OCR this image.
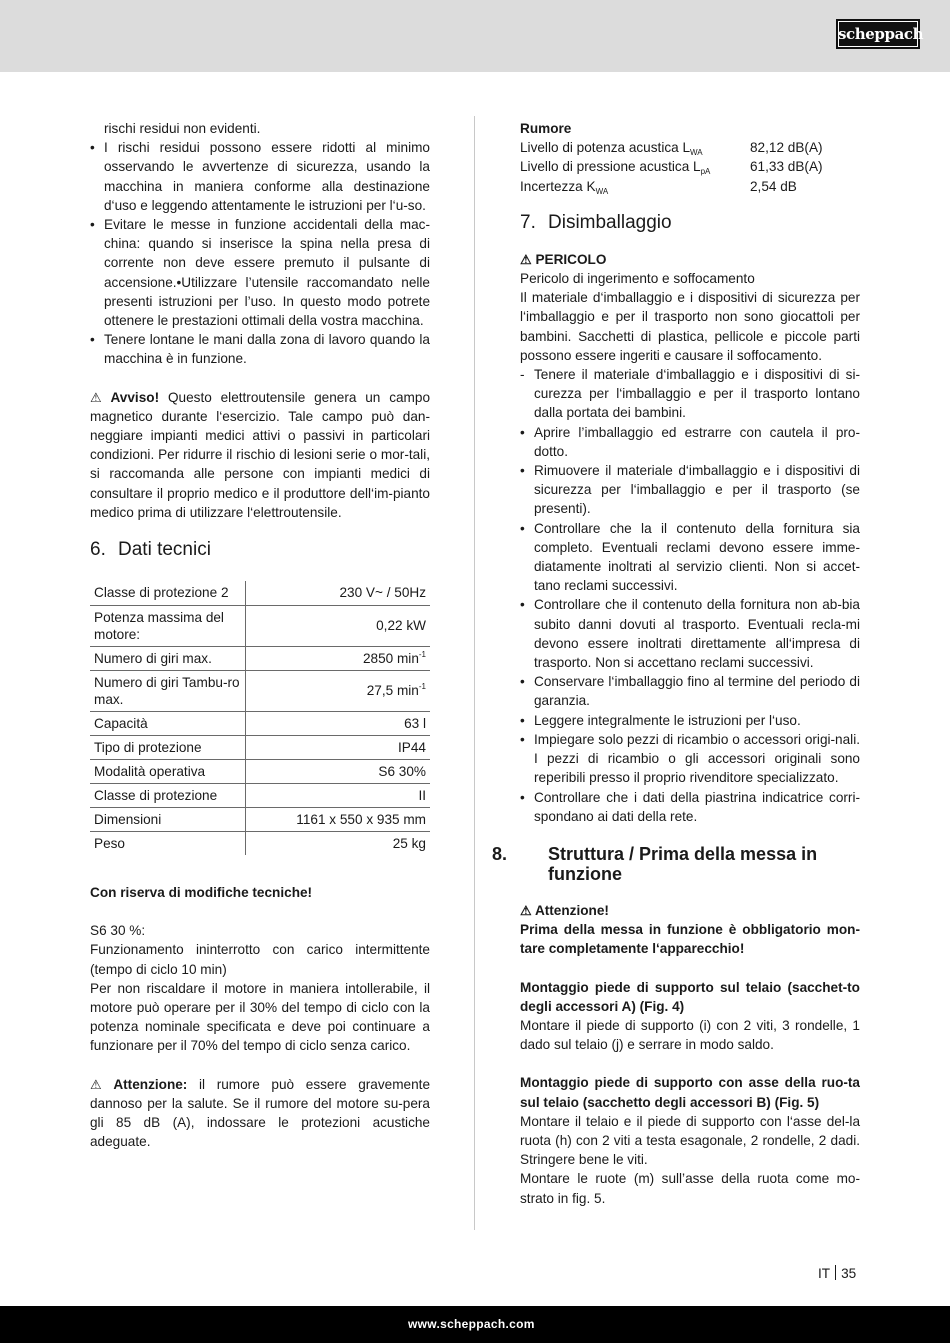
scheppach

rischi residui non evidenti.

• I rischi residui possono essere ridotti al minimo osservando le avvertenze di sicurezza, usando la macchina in maniera conforme alla destinazione d‘uso e leggendo attentamente le istruzioni per l‘u-so.
• Evitare le messe in funzione accidentali della mac-china: quando si inserisce la spina nella presa di corrente non deve essere premuto il pulsante di accensione.•Utilizzare l’utensile raccomandato nelle presenti istruzioni per l’uso. In questo modo potrete ottenere le prestazioni ottimali della vostra macchina.
• Tenere lontane le mani dalla zona di lavoro quando la macchina è in funzione.

⚠ Avviso! Questo elettroutensile genera un campo magnetico durante l‘esercizio. Tale campo può dan-neggiare impianti medici attivi o passivi in particolari condizioni. Per ridurre il rischio di lesioni serie o mor-tali, si raccomanda alle persone con impianti medici di consultare il proprio medico e il produttore dell‘im-pianto medico prima di utilizzare l‘elettroutensile.

6. Dati tecnici
Classe di protezione 2	230 V~ / 50Hz
Potenza massima del motore:	0,22 kW
Numero di giri max.	2850 $\min^{-1}$
Numero di giri Tambu-ro max.	27,5 $\min^{-1}$
Capacità	63 l
Tipo di protezione	IP44
Modalità operativa	S6 30%
Classe di protezione	II
Dimensioni	1161 x 550 x 935 mm
Peso	25 kg

Con riserva di modifiche tecniche!

S6 30 %:

Funzionamento ininterrotto con carico intermittente (tempo di ciclo 10 min)

Per non riscaldare il motore in maniera intollerabile, il motore può operare per il 30% del tempo di ciclo con la potenza nominale specificata e deve poi continuare a funzionare per il 70% del tempo di ciclo senza carico.

⚠ Attenzione: il rumore può essere gravemente dannoso per la salute. Se il rumore del motore su-pera gli 85 dB (A), indossare le protezioni acustiche adeguate.

Rumore

Livello di potenza acustica $L_{WA}$	82,12 dB(A)
Livello di pressione acustica $L_{pA}$	61,33 dB(A)
Incertezza $K_{WA}$	2,54 dB
7. Disimballaggio

⚠ PERICOLO

Pericolo di ingerimento e soffocamento

Il materiale d‘imballaggio e i dispositivi di sicurezza per l‘imballaggio e per il trasporto non sono giocattoli per bambini. Sacchetti di plastica, pellicole e piccole parti possono essere ingeriti e causare il soffocamento.

- Tenere il materiale d‘imballaggio e i dispositivi di si-curezza per l‘imballaggio e per il trasporto lontano dalla portata dei bambini.
• Aprire l’imballaggio ed estrarre con cautela il pro-dotto.
• Rimuovere il materiale d‘imballaggio e i dispositivi di sicurezza per l‘imballaggio e per il trasporto (se presenti).
• Controllare che la il contenuto della fornitura sia completo. Eventuali reclami devono essere imme-diatamente inoltrati al servizio clienti. Non si accet-tano reclami successivi.
• Controllare che il contenuto della fornitura non ab-bia subito danni dovuti al trasporto. Eventuali recla-mi devono essere inoltrati direttamente all‘impresa di trasporto. Non si accettano reclami successivi.
• Conservare l‘imballaggio fino al termine del periodo di garanzia.
• Leggere integralmente le istruzioni per l‘uso.
• Impiegare solo pezzi di ricambio o accessori origi-nali. I pezzi di ricambio o gli accessori originali sono reperibili presso il proprio rivenditore specializzato.
• Controllare che i dati della piastrina indicatrice corri-spondano ai dati della rete.
8. Struttura / Prima della messa in funzione

⚠ Attenzione!

Prima della messa in funzione è obbligatorio mon-tare completamente l‘apparecchio!

Montaggio piede di supporto sul telaio (sacchet-to degli accessori A) (Fig. 4)

Montare il piede di supporto (i) con 2 viti, 3 rondelle, 1 dado sul telaio (j) e serrare in modo saldo.

Montaggio piede di supporto con asse della ruo-ta sul telaio (sacchetto degli accessori B) (Fig. 5)

Montare il telaio e il piede di supporto con l‘asse del-la ruota (h) con 2 viti a testa esagonale, 2 rondelle, 2 dadi. Stringere bene le viti.

Montare le ruote (m) sull’asse della ruota come mo-strato in fig. 5.

IT 35
www.scheppach.com
